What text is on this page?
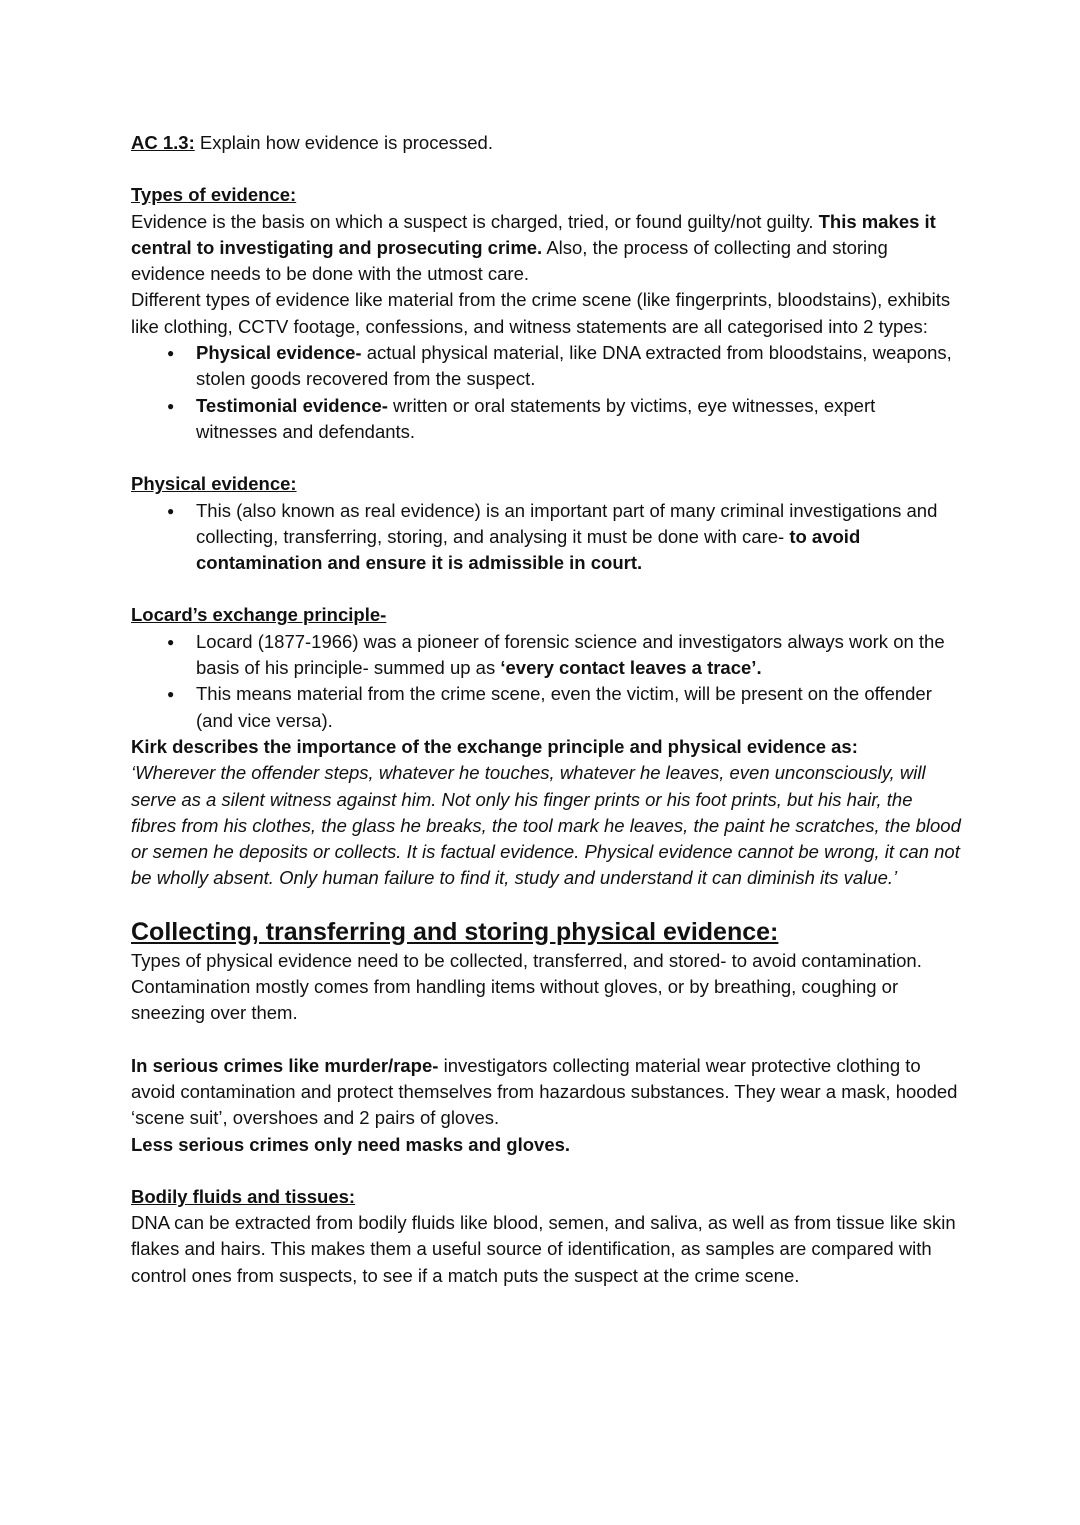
AC 1.3: Explain how evidence is processed.

Types of evidence:

Evidence is the basis on which a suspect is charged, tried, or found guilty/not guilty. This makes it central to investigating and prosecuting crime. Also, the process of collecting and storing evidence needs to be done with the utmost care.

Different types of evidence like material from the crime scene (like fingerprints, bloodstains), exhibits like clothing, CCTV footage, confessions, and witness statements are all categorised into 2 types:

● Physical evidence- actual physical material, like DNA extracted from bloodstains, weapons, stolen goods recovered from the suspect.
● Testimonial evidence- written or oral statements by victims, eye witnesses, expert witnesses and defendants.

Physical evidence:

● This (also known as real evidence) is an important part of many criminal investigations and collecting, transferring, storing, and analysing it must be done with care- to avoid contamination and ensure it is admissible in court.

Locard’s exchange principle-

● Locard (1877-1966) was a pioneer of forensic science and investigators always work on the basis of his principle- summed up as ‘every contact leaves a trace’.
● This means material from the crime scene, even the victim, will be present on the offender (and vice versa).

Kirk describes the importance of the exchange principle and physical evidence as:

‘Wherever the offender steps, whatever he touches, whatever he leaves, even unconsciously, will serve as a silent witness against him. Not only his finger prints or his foot prints, but his hair, the fibres from his clothes, the glass he breaks, the tool mark he leaves, the paint he scratches, the blood or semen he deposits or collects. It is factual evidence. Physical evidence cannot be wrong, it can not be wholly absent. Only human failure to find it, study and understand it can diminish its value.’

Collecting, transferring and storing physical evidence:

Types of physical evidence need to be collected, transferred, and stored- to avoid contamination. Contamination mostly comes from handling items without gloves, or by breathing, coughing or sneezing over them.

In serious crimes like murder/rape- investigators collecting material wear protective clothing to avoid contamination and protect themselves from hazardous substances. They wear a mask, hooded ‘scene suit’, overshoes and 2 pairs of gloves.

Less serious crimes only need masks and gloves.

Bodily fluids and tissues:

DNA can be extracted from bodily fluids like blood, semen, and saliva, as well as from tissue like skin flakes and hairs. This makes them a useful source of identification, as samples are compared with control ones from suspects, to see if a match puts the suspect at the crime scene.
